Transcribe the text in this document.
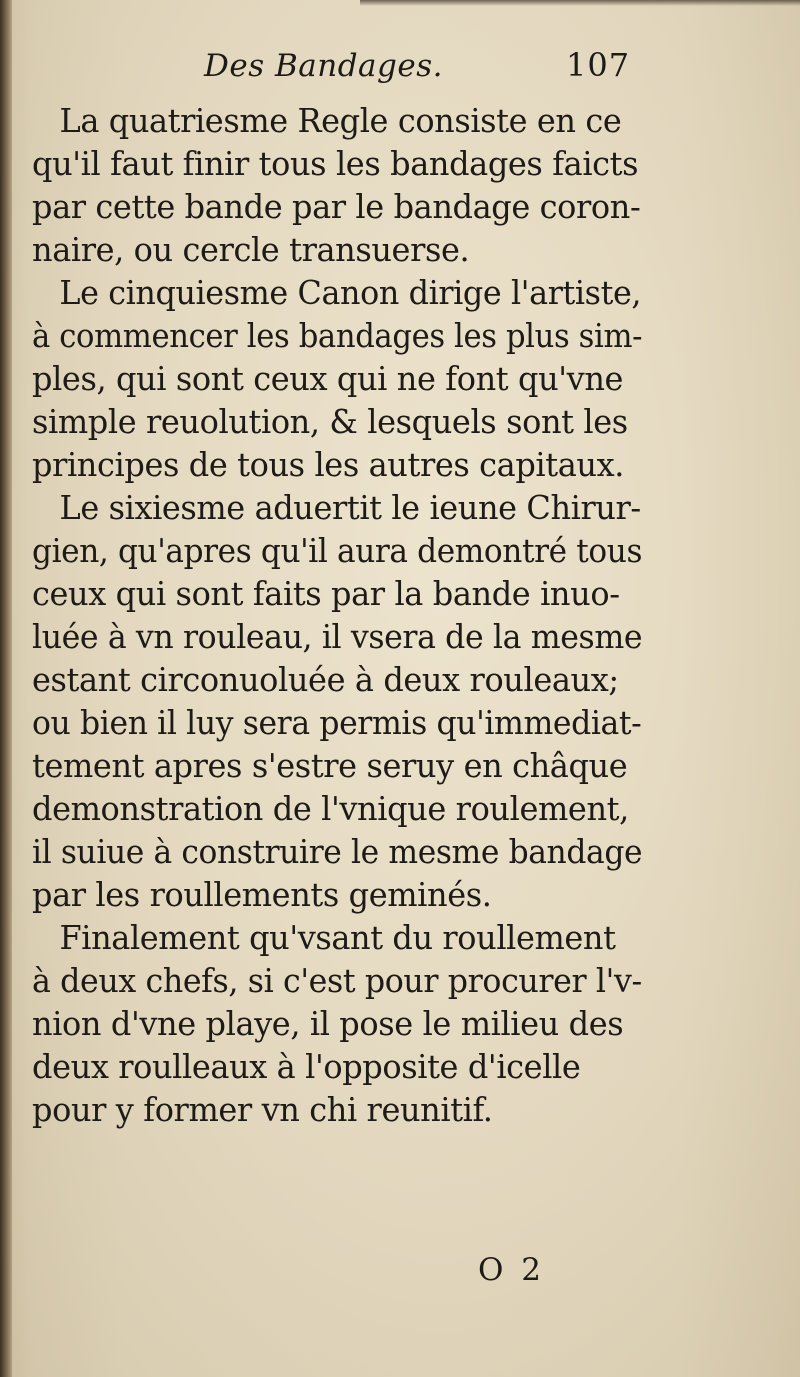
Des Bandages.	107
La quatriesme Regle consiste en ce
qu'il faut finir tous les bandages faicts
par cette bande par le bandage coron-
naire, ou cercle transuerse.
Le cinquiesme Canon dirige l'artiste,
à commencer les bandages les plus sim-
ples, qui sont ceux qui ne font qu'vne
simple reuolution, & lesquels sont les
principes de tous les autres capitaux.
Le sixiesme aduertit le ieune Chirur-
gien, qu'apres qu'il aura demontré tous
ceux qui sont faits par la bande inuo-
luée à vn rouleau, il vsera de la mesme
estant circonuoluée à deux rouleaux;
ou bien il luy sera permis qu'immediat-
tement apres s'estre seruy en châque
demonstration de l'vnique roulement,
il suiue à construire le mesme bandage
par les roullements geminés.
Finalement qu'vsant du roullement
à deux chefs, si c'est pour procurer l'v-
nion d'vne playe, il pose le milieu des
deux roulleaux à l'opposite d'icelle
pour y former vn chi reunitif.
O 2
